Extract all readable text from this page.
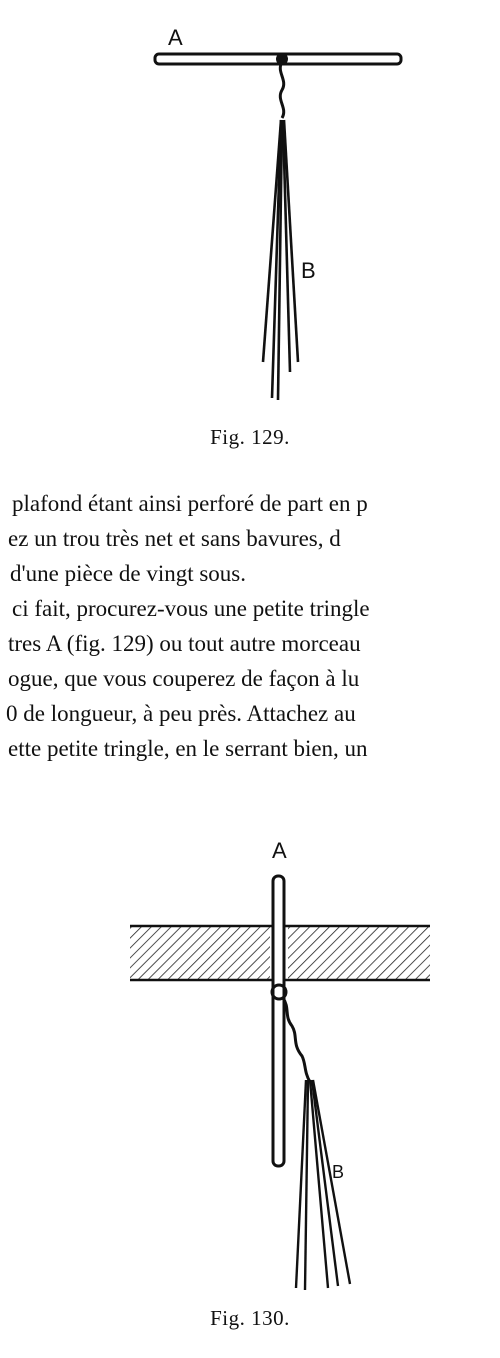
A
B
Fig. 129.
plafond étant ainsi perforé de part en p
ez un trou très net et sans bavures, d
d'une pièce de vingt sous.
ci fait, procurez-vous une petite tringle
tres A (fig. 129) ou tout autre morceau
ogue, que vous couperez de façon à lu
0 de longueur, à peu près. Attachez au
ette petite tringle, en le serrant bien, un
A
B
Fig. 130.
